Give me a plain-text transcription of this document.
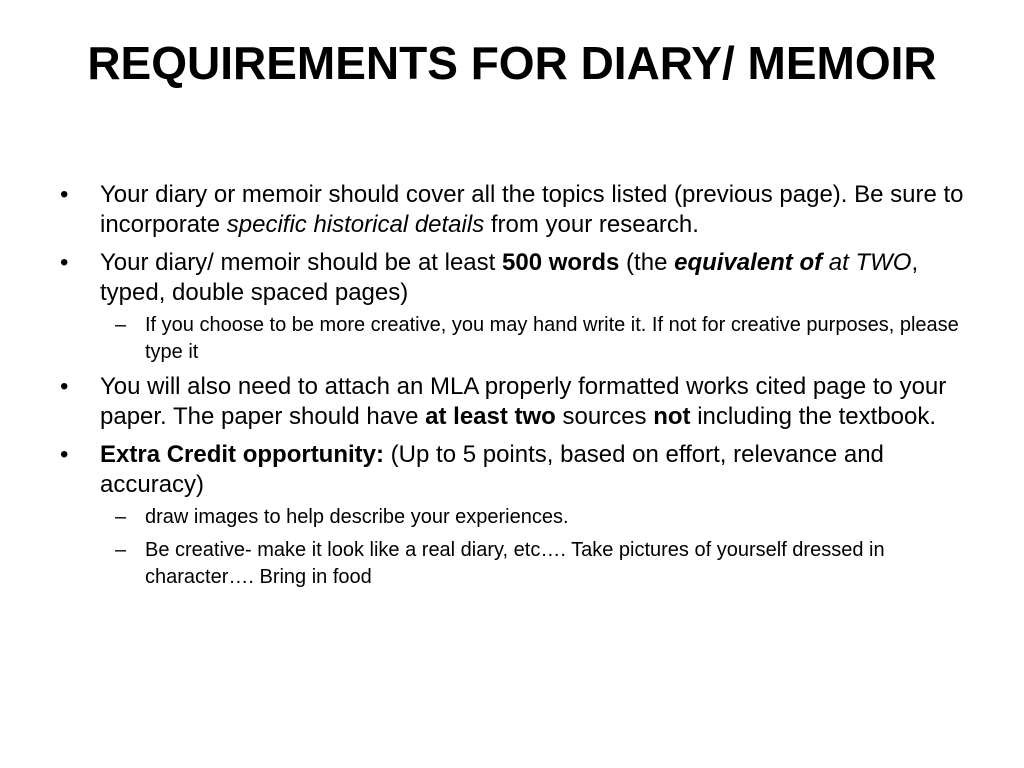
REQUIREMENTS FOR DIARY/ MEMOIR
•	Your diary or memoir should cover all the topics listed (previous page). Be sure to incorporate specific historical details from your research.
•	Your diary/ memoir should be at least 500 words (the equivalent of at TWO, typed, double spaced pages)
– If you choose to be more creative, you may hand write it. If not for creative purposes, please type it
•	You will also need to attach an MLA properly formatted works cited page to your paper. The paper should have at least two sources not including the textbook.
•	Extra Credit opportunity: (Up to 5 points, based on effort, relevance and accuracy)
– draw images to help describe your experiences.
– Be creative- make it look like a real diary, etc…. Take pictures of yourself dressed in character…. Bring in food
